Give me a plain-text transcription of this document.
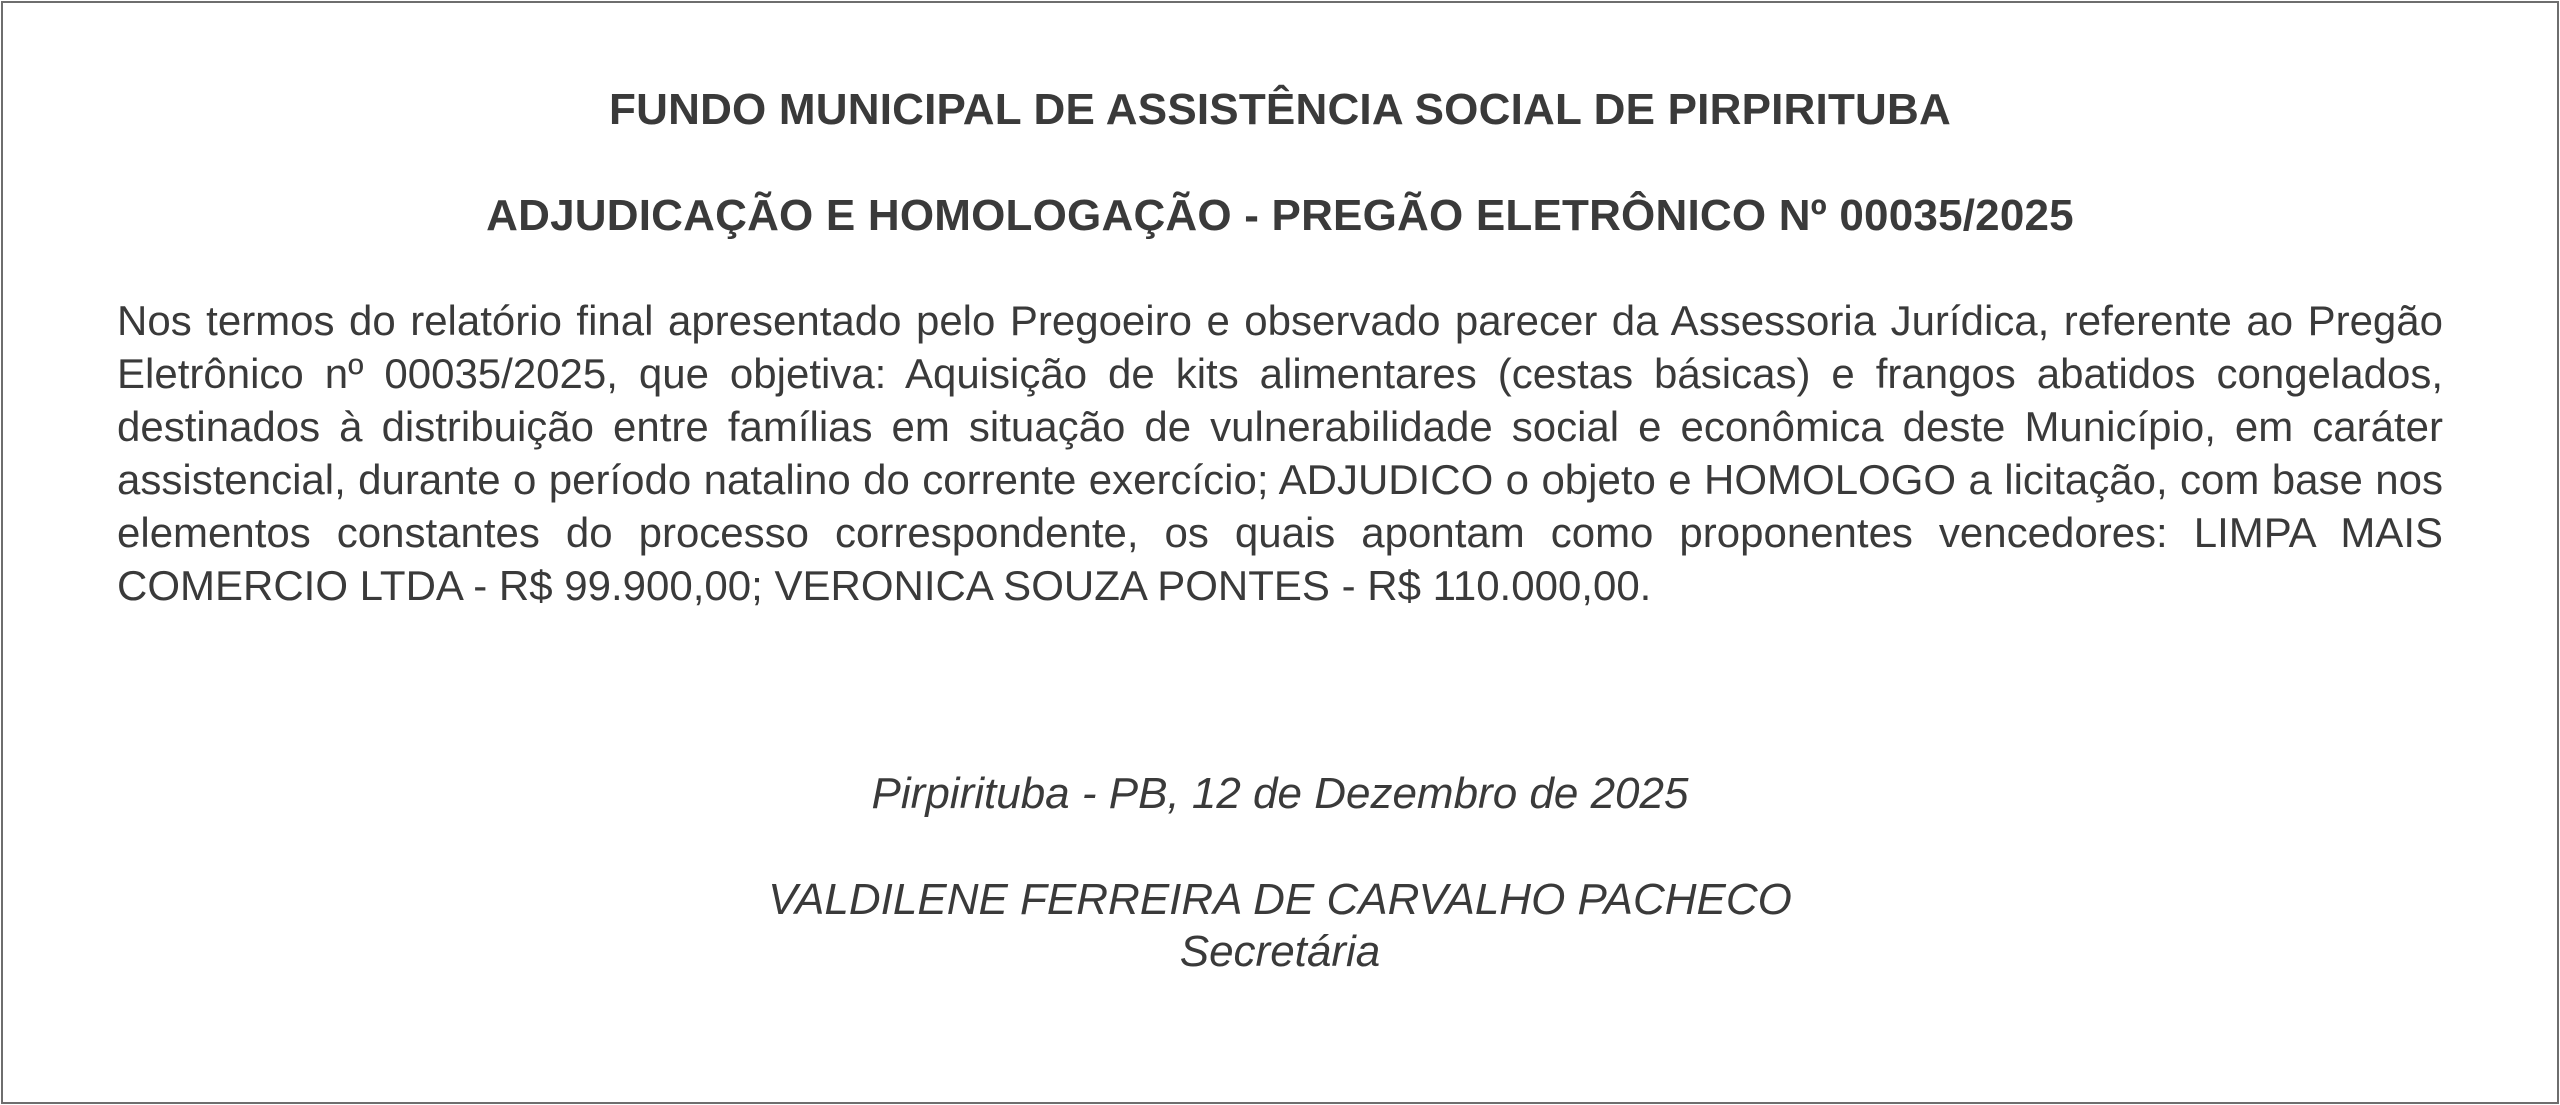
FUNDO MUNICIPAL DE ASSISTÊNCIA SOCIAL DE PIRPIRITUBA
ADJUDICAÇÃO E HOMOLOGAÇÃO - PREGÃO ELETRÔNICO Nº 00035/2025
Nos termos do relatório final apresentado pelo Pregoeiro e observado parecer da Assessoria Jurídica, referente ao Pregão Eletrônico nº 00035/2025, que objetiva: Aquisição de kits alimentares (cestas básicas) e frangos abatidos congelados, destinados à distribuição entre famílias em situação de vulnerabilidade social e econômica deste Município, em caráter assistencial, durante o período natalino do corrente exercício; ADJUDICO o objeto e HOMOLOGO a licitação, com base nos elementos constantes do processo correspondente, os quais apontam como proponentes vencedores: LIMPA MAIS COMERCIO LTDA - R$ 99.900,00; VERONICA SOUZA PONTES - R$ 110.000,00.
Pirpirituba - PB, 12 de Dezembro de 2025
VALDILENE FERREIRA DE CARVALHO PACHECO
Secretária
